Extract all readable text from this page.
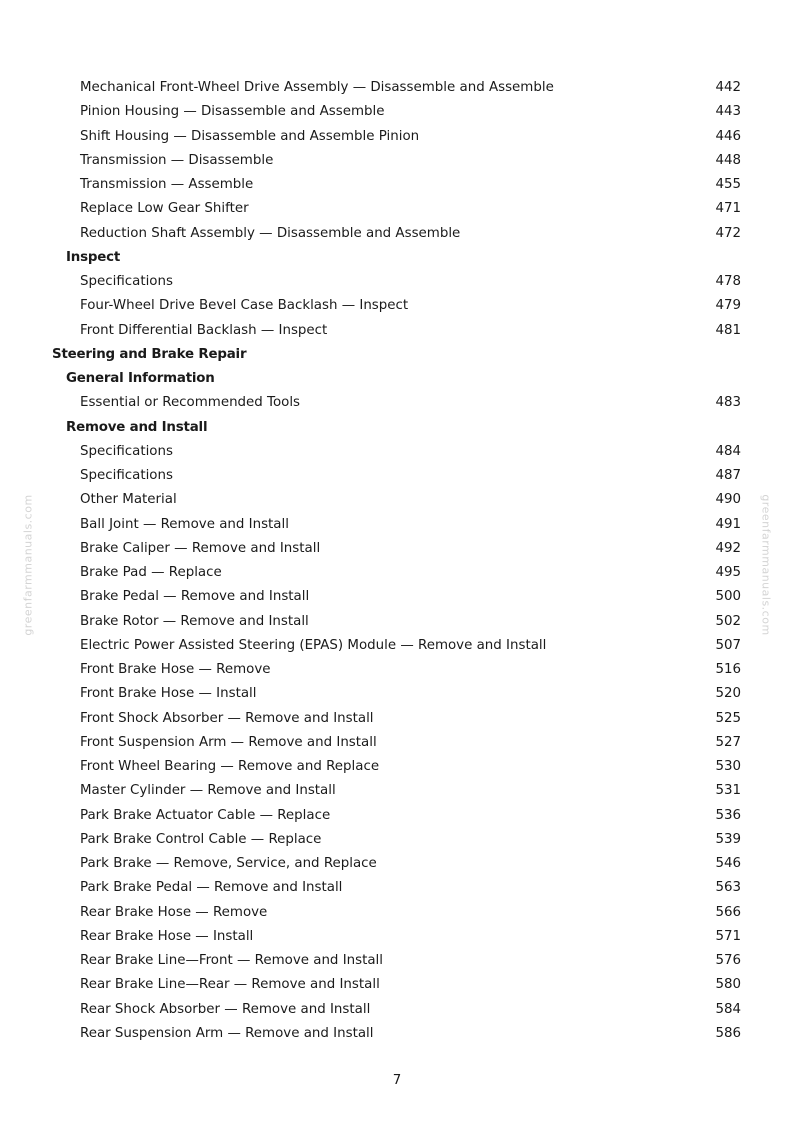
Mechanical Front-Wheel Drive Assembly — Disassemble and Assemble	442
Pinion Housing — Disassemble and Assemble	443
Shift Housing — Disassemble and Assemble Pinion	446
Transmission — Disassemble	448
Transmission — Assemble	455
Replace Low Gear Shifter	471
Reduction Shaft Assembly — Disassemble and Assemble	472
Inspect
Specifications	478
Four-Wheel Drive Bevel Case Backlash — Inspect	479
Front Differential Backlash — Inspect	481
Steering and Brake Repair
General Information
Essential or Recommended Tools	483
Remove and Install
Specifications	484
Specifications	487
Other Material	490
Ball Joint — Remove and Install	491
Brake Caliper — Remove and Install	492
Brake Pad — Replace	495
Brake Pedal — Remove and Install	500
Brake Rotor — Remove and Install	502
Electric Power Assisted Steering (EPAS) Module — Remove and Install	507
Front Brake Hose — Remove	516
Front Brake Hose — Install	520
Front Shock Absorber — Remove and Install	525
Front Suspension Arm — Remove and Install	527
Front Wheel Bearing — Remove and Replace	530
Master Cylinder — Remove and Install	531
Park Brake Actuator Cable — Replace	536
Park Brake Control Cable — Replace	539
Park Brake — Remove, Service, and Replace	546
Park Brake Pedal — Remove and Install	563
Rear Brake Hose — Remove	566
Rear Brake Hose — Install	571
Rear Brake Line—Front — Remove and Install	576
Rear Brake Line—Rear — Remove and Install	580
Rear Shock Absorber — Remove and Install	584
Rear Suspension Arm — Remove and Install	586
greenfarmmanuals.com	greenfarmmanuals.com
7
